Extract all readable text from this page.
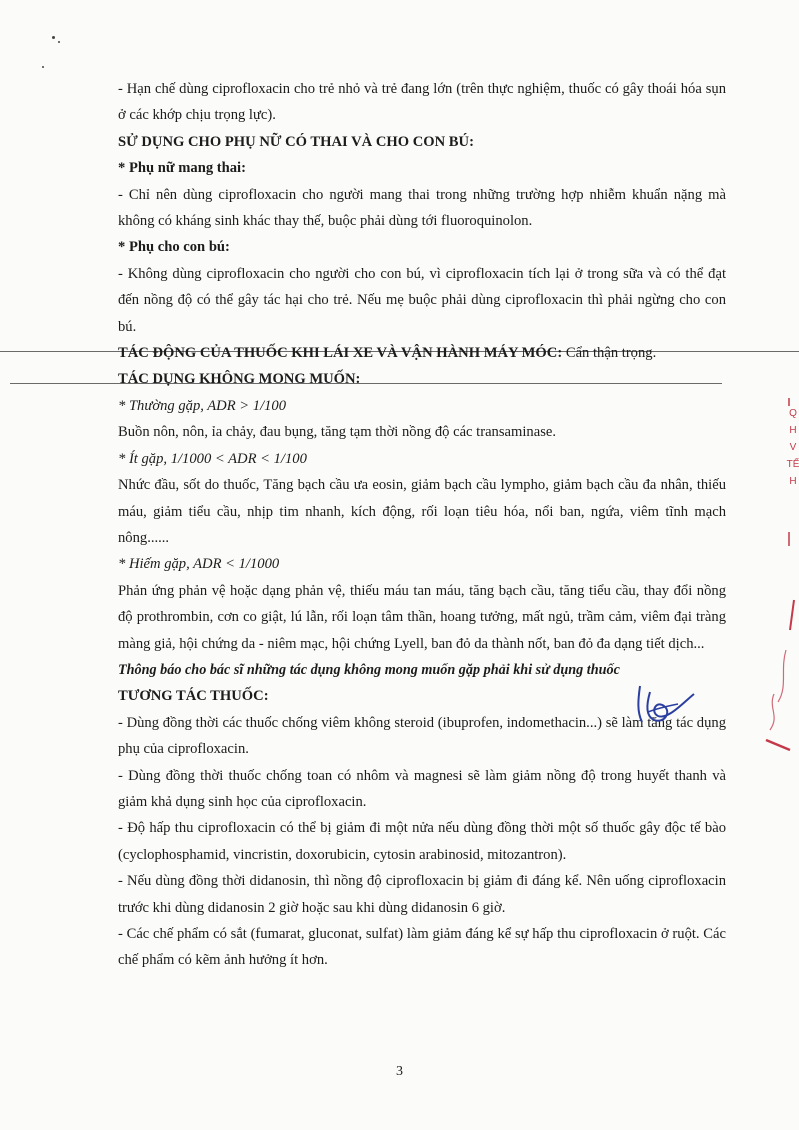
- Hạn chế dùng ciprofloxacin cho trẻ nhỏ và trẻ đang lớn (trên thực nghiệm, thuốc có gây thoái hóa sụn ở các khớp chịu trọng lực).

SỬ DỤNG CHO PHỤ NỮ CÓ THAI VÀ CHO CON BÚ:

* Phụ nữ mang thai:

- Chỉ nên dùng ciprofloxacin cho người mang thai trong những trường hợp nhiễm khuẩn nặng mà không có kháng sinh khác thay thế, buộc phải dùng tới fluoroquinolon.

* Phụ cho con bú:

- Không dùng ciprofloxacin cho người cho con bú, vì ciprofloxacin tích lại ở trong sữa và có thể đạt đến nồng độ có thể gây tác hại cho trẻ. Nếu mẹ buộc phải dùng ciprofloxacin thì phải ngừng cho con bú.

TÁC ĐỘNG CỦA THUỐC KHI LÁI XE VÀ VẬN HÀNH MÁY MÓC: Cẩn thận trọng.

TÁC DỤNG KHÔNG MONG MUỐN:

* Thường gặp, ADR > 1/100

Buồn nôn, nôn, ỉa chảy, đau bụng, tăng tạm thời nồng độ các transaminase.

* Ít gặp, 1/1000 < ADR < 1/100

Nhức đầu, sốt do thuốc, Tăng bạch cầu ưa eosin, giảm bạch cầu lympho, giảm bạch cầu đa nhân, thiếu máu, giảm tiểu cầu, nhịp tim nhanh, kích động, rối loạn tiêu hóa, nổi ban, ngứa, viêm tĩnh mạch nông......

* Hiếm gặp, ADR < 1/1000

Phản ứng phản vệ hoặc dạng phản vệ, thiếu máu tan máu, tăng bạch cầu, tăng tiểu cầu, thay đổi nồng độ prothrombin, cơn co giật, lú lẫn, rối loạn tâm thần, hoang tưởng, mất ngủ, trầm cảm, viêm đại tràng màng giả, hội chứng da - niêm mạc, hội chứng Lyell, ban đỏ da thành nốt, ban đỏ đa dạng tiết dịch...

Thông báo cho bác sĩ những tác dụng không mong muốn gặp phải khi sử dụng thuốc

TƯƠNG TÁC THUỐC:

- Dùng đồng thời các thuốc chống viêm không steroid (ibuprofen, indomethacin...) sẽ làm tăng tác dụng phụ của ciprofloxacin.

- Dùng đồng thời thuốc chống toan có nhôm và magnesi sẽ làm giảm nồng độ trong huyết thanh và giảm khả dụng sinh học của ciprofloxacin.

- Độ hấp thu ciprofloxacin có thể bị giảm đi một nửa nếu dùng đồng thời một số thuốc gây độc tế bào (cyclophosphamid, vincristin, doxorubicin, cytosin arabinosid, mitozantron).

- Nếu dùng đồng thời didanosin, thì nồng độ ciprofloxacin bị giảm đi đáng kể. Nên uống ciprofloxacin trước khi dùng didanosin 2 giờ hoặc sau khi dùng didanosin 6 giờ.

- Các chế phẩm có sắt (fumarat, gluconat, sulfat) làm giảm đáng kể sự hấp thu ciprofloxacin ở ruột. Các chế phẩm có kẽm ảnh hưởng ít hơn.

Q
H
V
TẾ
H
3
